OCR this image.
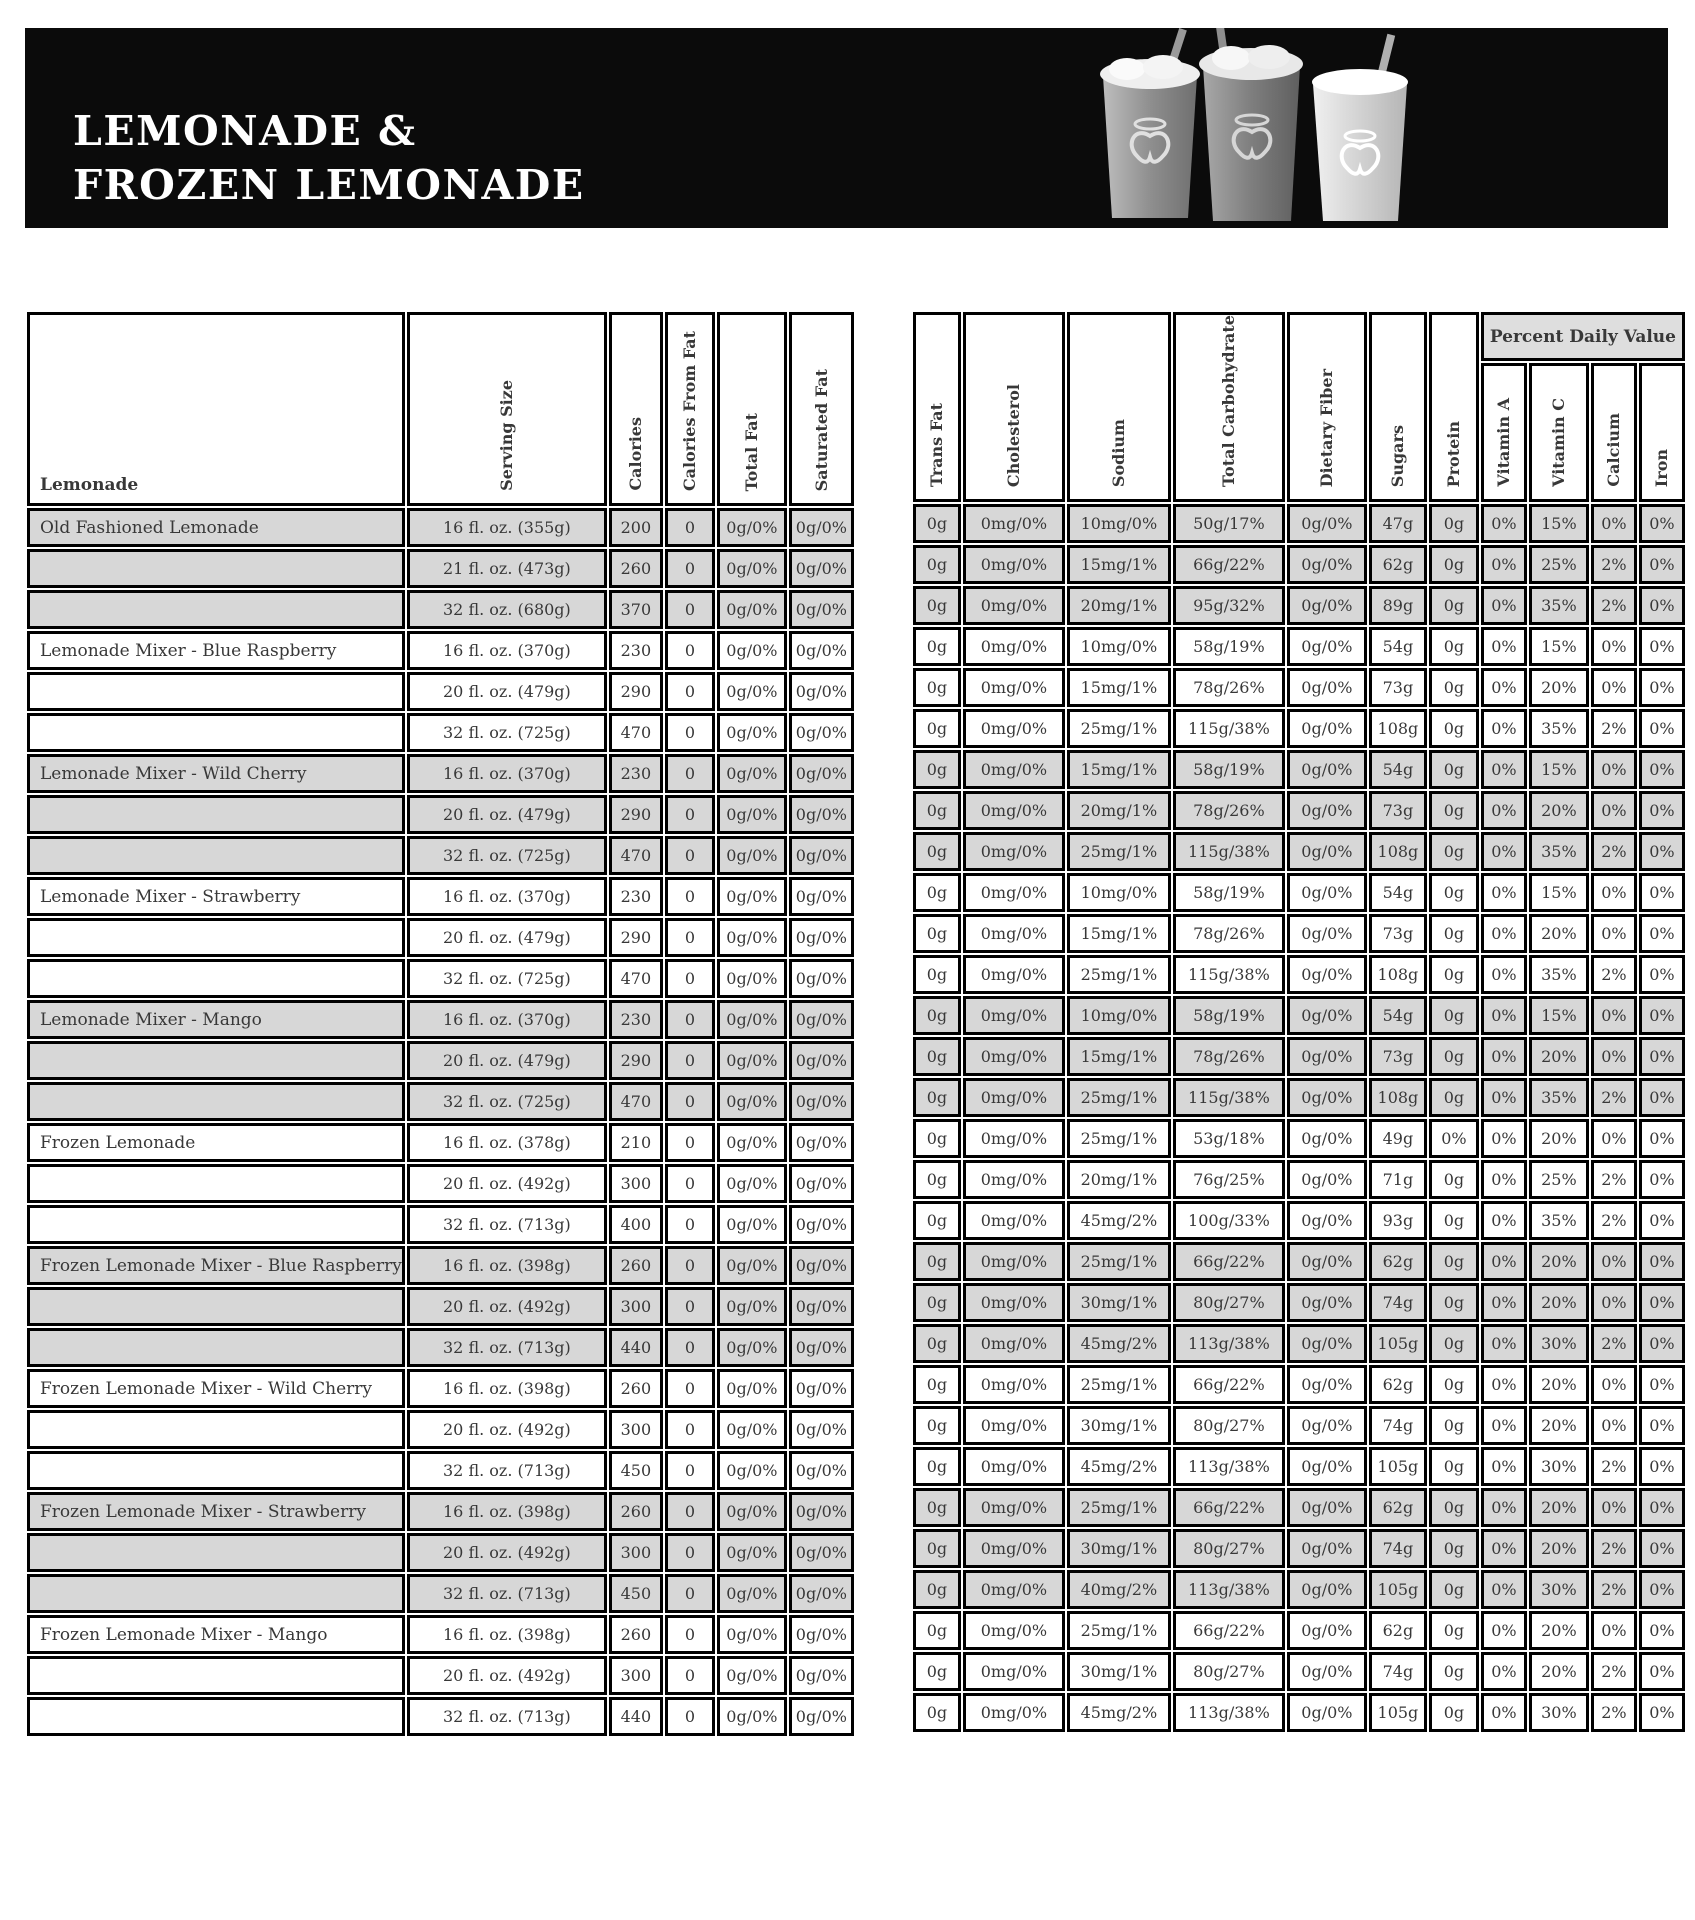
LEMONADE &
FROZEN LEMONADE
Lemonade	Serving Size	Calories	Calories From Fat	Total Fat	Saturated Fat
Old Fashioned Lemonade	16 fl. oz. (355g)	200	0	0g/0%	0g/0%
	21 fl. oz. (473g)	260	0	0g/0%	0g/0%
	32 fl. oz. (680g)	370	0	0g/0%	0g/0%
Lemonade Mixer - Blue Raspberry	16 fl. oz. (370g)	230	0	0g/0%	0g/0%
	20 fl. oz. (479g)	290	0	0g/0%	0g/0%
	32 fl. oz. (725g)	470	0	0g/0%	0g/0%
Lemonade Mixer - Wild Cherry	16 fl. oz. (370g)	230	0	0g/0%	0g/0%
	20 fl. oz. (479g)	290	0	0g/0%	0g/0%
	32 fl. oz. (725g)	470	0	0g/0%	0g/0%
Lemonade Mixer - Strawberry	16 fl. oz. (370g)	230	0	0g/0%	0g/0%
	20 fl. oz. (479g)	290	0	0g/0%	0g/0%
	32 fl. oz. (725g)	470	0	0g/0%	0g/0%
Lemonade Mixer - Mango	16 fl. oz. (370g)	230	0	0g/0%	0g/0%
	20 fl. oz. (479g)	290	0	0g/0%	0g/0%
	32 fl. oz. (725g)	470	0	0g/0%	0g/0%
Frozen Lemonade	16 fl. oz. (378g)	210	0	0g/0%	0g/0%
	20 fl. oz. (492g)	300	0	0g/0%	0g/0%
	32 fl. oz. (713g)	400	0	0g/0%	0g/0%
Frozen Lemonade Mixer - Blue Raspberry	16 fl. oz. (398g)	260	0	0g/0%	0g/0%
	20 fl. oz. (492g)	300	0	0g/0%	0g/0%
	32 fl. oz. (713g)	440	0	0g/0%	0g/0%
Frozen Lemonade Mixer - Wild Cherry	16 fl. oz. (398g)	260	0	0g/0%	0g/0%
	20 fl. oz. (492g)	300	0	0g/0%	0g/0%
	32 fl. oz. (713g)	450	0	0g/0%	0g/0%
Frozen Lemonade Mixer - Strawberry	16 fl. oz. (398g)	260	0	0g/0%	0g/0%
	20 fl. oz. (492g)	300	0	0g/0%	0g/0%
	32 fl. oz. (713g)	450	0	0g/0%	0g/0%
Frozen Lemonade Mixer - Mango	16 fl. oz. (398g)	260	0	0g/0%	0g/0%
	20 fl. oz. (492g)	300	0	0g/0%	0g/0%
	32 fl. oz. (713g)	440	0	0g/0%	0g/0%
Trans Fat	Cholesterol	Sodium	Total Carbohydrate	Dietary Fiber	Sugars	Protein	Percent Daily Value			
							Vitamin A	Vitamin C	Calcium	Iron
0g	0mg/0%	10mg/0%	50g/17%	0g/0%	47g	0g	0%	15%	0%	0%
0g	0mg/0%	15mg/1%	66g/22%	0g/0%	62g	0g	0%	25%	2%	0%
0g	0mg/0%	20mg/1%	95g/32%	0g/0%	89g	0g	0%	35%	2%	0%
0g	0mg/0%	10mg/0%	58g/19%	0g/0%	54g	0g	0%	15%	0%	0%
0g	0mg/0%	15mg/1%	78g/26%	0g/0%	73g	0g	0%	20%	0%	0%
0g	0mg/0%	25mg/1%	115g/38%	0g/0%	108g	0g	0%	35%	2%	0%
0g	0mg/0%	15mg/1%	58g/19%	0g/0%	54g	0g	0%	15%	0%	0%
0g	0mg/0%	20mg/1%	78g/26%	0g/0%	73g	0g	0%	20%	0%	0%
0g	0mg/0%	25mg/1%	115g/38%	0g/0%	108g	0g	0%	35%	2%	0%
0g	0mg/0%	10mg/0%	58g/19%	0g/0%	54g	0g	0%	15%	0%	0%
0g	0mg/0%	15mg/1%	78g/26%	0g/0%	73g	0g	0%	20%	0%	0%
0g	0mg/0%	25mg/1%	115g/38%	0g/0%	108g	0g	0%	35%	2%	0%
0g	0mg/0%	10mg/0%	58g/19%	0g/0%	54g	0g	0%	15%	0%	0%
0g	0mg/0%	15mg/1%	78g/26%	0g/0%	73g	0g	0%	20%	0%	0%
0g	0mg/0%	25mg/1%	115g/38%	0g/0%	108g	0g	0%	35%	2%	0%
0g	0mg/0%	25mg/1%	53g/18%	0g/0%	49g	0%	0%	20%	0%	0%
0g	0mg/0%	20mg/1%	76g/25%	0g/0%	71g	0g	0%	25%	2%	0%
0g	0mg/0%	45mg/2%	100g/33%	0g/0%	93g	0g	0%	35%	2%	0%
0g	0mg/0%	25mg/1%	66g/22%	0g/0%	62g	0g	0%	20%	0%	0%
0g	0mg/0%	30mg/1%	80g/27%	0g/0%	74g	0g	0%	20%	0%	0%
0g	0mg/0%	45mg/2%	113g/38%	0g/0%	105g	0g	0%	30%	2%	0%
0g	0mg/0%	25mg/1%	66g/22%	0g/0%	62g	0g	0%	20%	0%	0%
0g	0mg/0%	30mg/1%	80g/27%	0g/0%	74g	0g	0%	20%	0%	0%
0g	0mg/0%	45mg/2%	113g/38%	0g/0%	105g	0g	0%	30%	2%	0%
0g	0mg/0%	25mg/1%	66g/22%	0g/0%	62g	0g	0%	20%	0%	0%
0g	0mg/0%	30mg/1%	80g/27%	0g/0%	74g	0g	0%	20%	2%	0%
0g	0mg/0%	40mg/2%	113g/38%	0g/0%	105g	0g	0%	30%	2%	0%
0g	0mg/0%	25mg/1%	66g/22%	0g/0%	62g	0g	0%	20%	0%	0%
0g	0mg/0%	30mg/1%	80g/27%	0g/0%	74g	0g	0%	20%	2%	0%
0g	0mg/0%	45mg/2%	113g/38%	0g/0%	105g	0g	0%	30%	2%	0%
